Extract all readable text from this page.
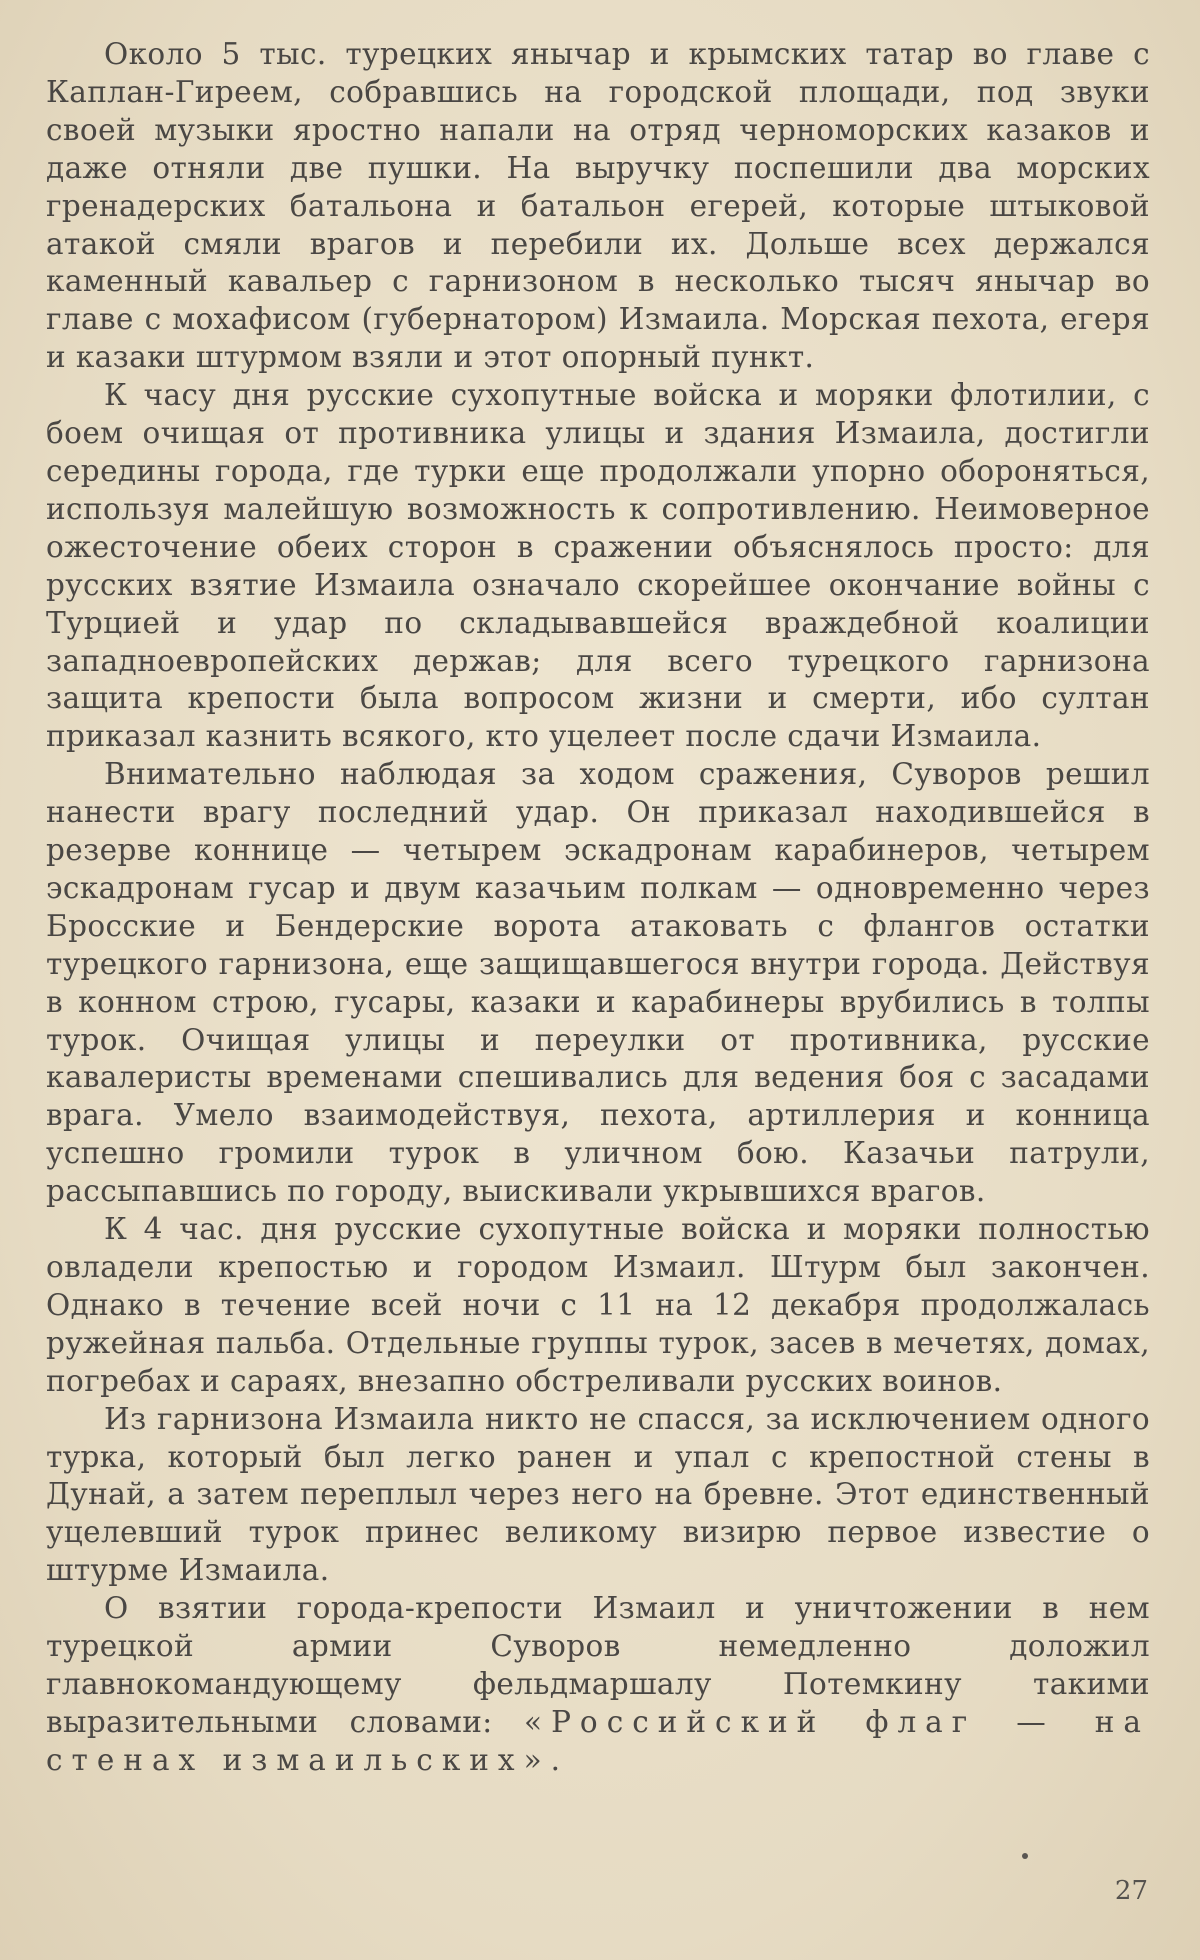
Около 5 тыс. турецких янычар и крымских татар во главе с Каплан-Гиреем, собравшись на городской площади, под звуки своей музыки яростно напали на отряд черноморских казаков и даже отняли две пушки. На выручку поспешили два морских гренадерских батальона и батальон егерей, которые штыковой атакой смяли врагов и перебили их. Дольше всех держался каменный кавальер с гарнизоном в несколько тысяч янычар во главе с мохафисом (губернатором) Измаила. Морская пехота, егеря и казаки штурмом взяли и этот опорный пункт.

К часу дня русские сухопутные войска и моряки флотилии, с боем очищая от противника улицы и здания Измаила, достигли середины города, где турки еще продолжали упорно обороняться, используя малейшую возможность к сопротивлению. Неимоверное ожесточение обеих сторон в сражении объяснялось просто: для русских взятие Измаила означало скорейшее окончание войны с Турцией и удар по складывавшейся враждебной коалиции западноевропейских держав; для всего турецкого гарнизона защита крепости была вопросом жизни и смерти, ибо султан приказал казнить всякого, кто уцелеет после сдачи Измаила.

Внимательно наблюдая за ходом сражения, Суворов решил нанести врагу последний удар. Он приказал находившейся в резерве коннице — четырем эскадронам карабинеров, четырем эскадронам гусар и двум казачьим полкам — одновременно через Бросские и Бендерские ворота атаковать с флангов остатки турецкого гарнизона, еще защищавшегося внутри города. Действуя в конном строю, гусары, казаки и карабинеры врубились в толпы турок. Очищая улицы и переулки от противника, русские кавалеристы временами спешивались для ведения боя с засадами врага. Умело взаимодействуя, пехота, артиллерия и конница успешно громили турок в уличном бою. Казачьи патрули, рассыпавшись по городу, выискивали укрывшихся врагов.

К 4 час. дня русские сухопутные войска и моряки полностью овладели крепостью и городом Измаил. Штурм был закончен. Однако в течение всей ночи с 11 на 12 декабря продолжалась ружейная пальба. Отдельные группы турок, засев в мечетях, домах, погребах и сараях, внезапно обстреливали русских воинов.

Из гарнизона Измаила никто не спасся, за исключением одного турка, который был легко ранен и упал с крепостной стены в Дунай, а затем переплыл через него на бревне. Этот единственный уцелевший турок принес великому визирю первое известие о штурме Измаила.

О взятии города-крепости Измаил и уничтожении в нем турецкой армии Суворов немедленно доложил главнокомандующему фельдмаршалу Потемкину такими выразительными словами: «Российский флаг — на стенах измаильских».

27
